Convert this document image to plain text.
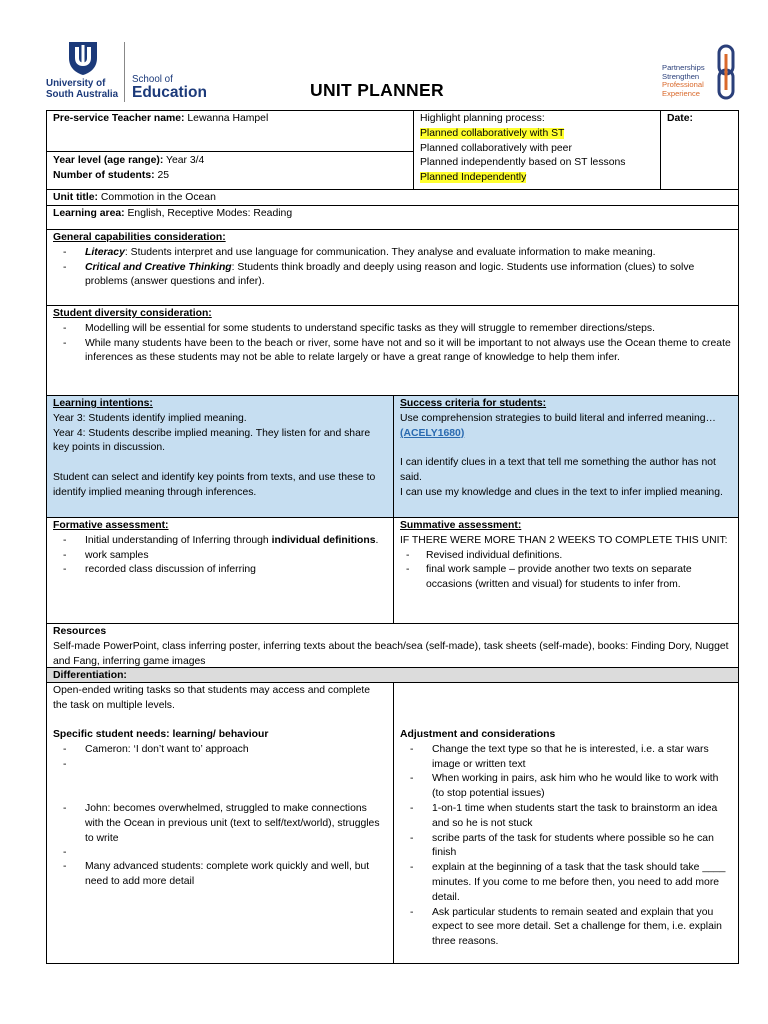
University of
South Australia
School of
Education	UNIT PLANNER
Partnerships
Strengthen
Professional
Experience
Pre-service Teacher name: Lewanna Hampel
Year level (age range): Year 3/4
Number of students: 25
Highlight planning process:
Planned collaboratively with ST
Planned collaboratively with peer
Planned independently based on ST lessons
Planned Independently
Date:
Unit title: Commotion in the Ocean
Learning area: English, Receptive Modes: Reading
General capabilities consideration:
- Literacy: Students interpret and use language for communication. They analyse and evaluate information to make meaning.
- Critical and Creative Thinking: Students think broadly and deeply using reason and logic. Students use information (clues) to solve problems (answer questions and infer).
Student diversity consideration:
- Modelling will be essential for some students to understand specific tasks as they will struggle to remember directions/steps.
- While many students have been to the beach or river, some have not and so it will be important to not always use the Ocean theme to create inferences as these students may not be able to relate largely or have a great range of knowledge to help them infer.
Learning intentions:
Year 3: Students identify implied meaning.
Year 4: Students describe implied meaning. They listen for and share key points in discussion.
Student can select and identify key points from texts, and use these to identify implied meaning through inferences.
Success criteria for students:
Use comprehension strategies to build literal and inferred meaning… (ACELY1680)
I can identify clues in a text that tell me something the author has not said.
I can use my knowledge and clues in the text to infer implied meaning.
Formative assessment:
- Initial understanding of Inferring through individual definitions.
- work samples
- recorded class discussion of inferring
Summative assessment:
IF THERE WERE MORE THAN 2 WEEKS TO COMPLETE THIS UNIT:
- Revised individual definitions.
- final work sample – provide another two texts on separate occasions (written and visual) for students to infer from.
Resources
Self-made PowerPoint, class inferring poster, inferring texts about the beach/sea (self-made), task sheets (self-made), books: Finding Dory, Nugget and Fang, inferring game images
Differentiation:
Open-ended writing tasks so that students may access and complete the task on multiple levels.
Specific student needs: learning/ behaviour
- Cameron: ‘I don’t want to’ approach
-
- John: becomes overwhelmed, struggled to make connections with the Ocean in previous unit (text to self/text/world), struggles to write
-
- Many advanced students: complete work quickly and well, but need to add more detail
Adjustment and considerations
- Change the text type so that he is interested, i.e. a star wars image or written text
- When working in pairs, ask him who he would like to work with (to stop potential issues)
- 1-on-1 time when students start the task to brainstorm an idea and so he is not stuck
- scribe parts of the task for students where possible so he can finish
- explain at the beginning of a task that the task should take ____ minutes. If you come to me before then, you need to add more detail.
- Ask particular students to remain seated and explain that you expect to see more detail. Set a challenge for them, i.e. explain three reasons.
